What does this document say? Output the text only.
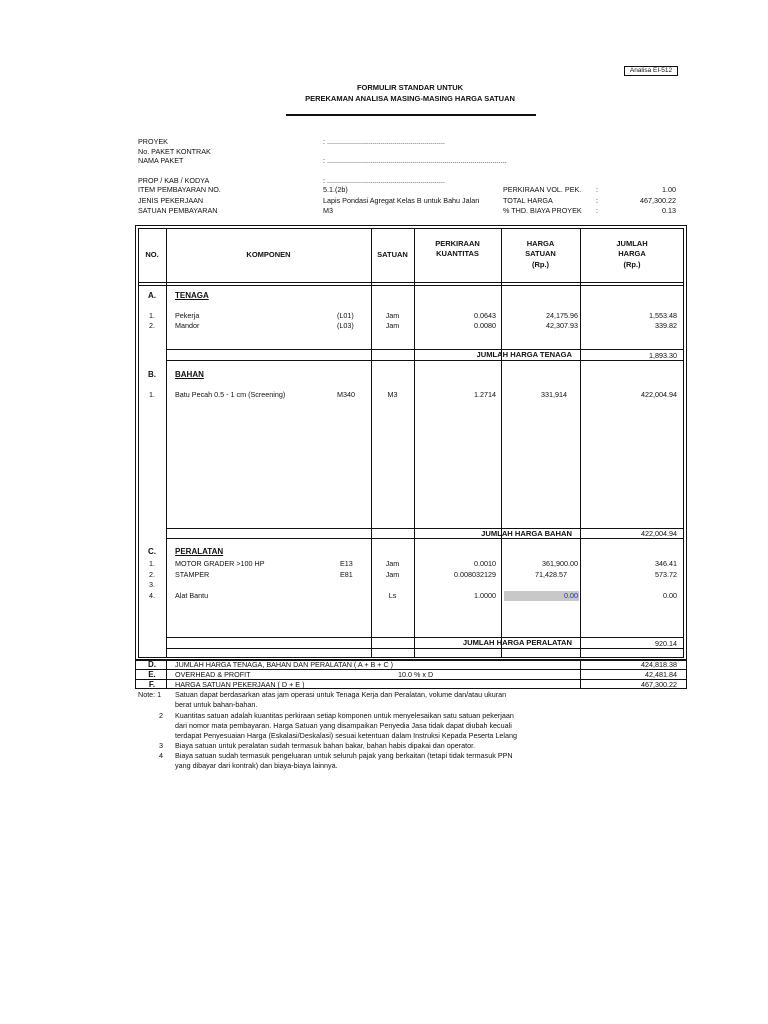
Analisa EI-512
FORMULIR STANDAR UNTUK
PEREKAMAN ANALISA MASING-MASING HARGA SATUAN
PROYEK	: ...........................................................
No. PAKET KONTRAK
NAMA PAKET	: ..........................................................................................
PROP / KAB / KODYA	: ...........................................................
ITEM PEMBAYARAN NO.	5.1.(2b)
JENIS PEKERJAAN	Lapis Pondasi Agregat Kelas B untuk Bahu Jalan
SATUAN PEMBAYARAN	M3
PERKIRAAN VOL. PEK. :	1.00
TOTAL HARGA	:	467,300.22
% THD. BIAYA PROYEK :	0.13
NO.	KOMPONEN	SATUAN
PERKIRAAN
KUANTITAS
HARGA
SATUAN
(Rp.)
JUMLAH
HARGA
(Rp.)
A.	TENAGA
1.	Pekerja	(L01)	Jam	0.0643	24,175.96	1,553.48
2.	Mandor	(L03)	Jam	0.0080	42,307.93	339.82
JUMLAH HARGA TENAGA	1,893.30
B.	BAHAN
1.	Batu Pecah 0.5 - 1 cm (Screening)	M340	M3	1.2714	331,914	422,004.94
JUMLAH HARGA BAHAN	422,004.94
C.	PERALATAN
1.	MOTOR GRADER >100 HP	E13	Jam	0.0010	361,900.00	346.41
2.	STAMPER	E81	Jam	0.008032129	71,428.57	573.72
3.
4.	Alat Bantu	Ls	1.0000	0.00	0.00
JUMLAH HARGA PERALATAN	920.14
D.	JUMLAH HARGA TENAGA, BAHAN DAN PERALATAN ( A + B + C )	424,818.38
E.	OVERHEAD & PROFIT	10.0 % x D	42,481.84
F.	HARGA SATUAN PEKERJAAN ( D + E )	467,300.22
Note: 1 Satuan dapat berdasarkan atas jam operasi untuk Tenaga Kerja dan Peralatan, volume dan/atau ukuran
berat untuk bahan-bahan.
2 Kuantitas satuan adalah kuantitas perkiraan setiap komponen untuk menyelesaikan satu satuan pekerjaan
dari nomor mata pembayaran. Harga Satuan yang disampaikan Penyedia Jasa tidak dapat diubah kecuali
terdapat Penyesuaian Harga (Eskalasi/Deskalasi) sesuai ketentuan dalam Instruksi Kepada Peserta Lelang
3 Biaya satuan untuk peralatan sudah termasuk bahan bakar, bahan habis dipakai dan operator.
4 Biaya satuan sudah termasuk pengeluaran untuk seluruh pajak yang berkaitan (tetapi tidak termasuk PPN
yang dibayar dari kontrak) dan biaya-biaya lainnya.
